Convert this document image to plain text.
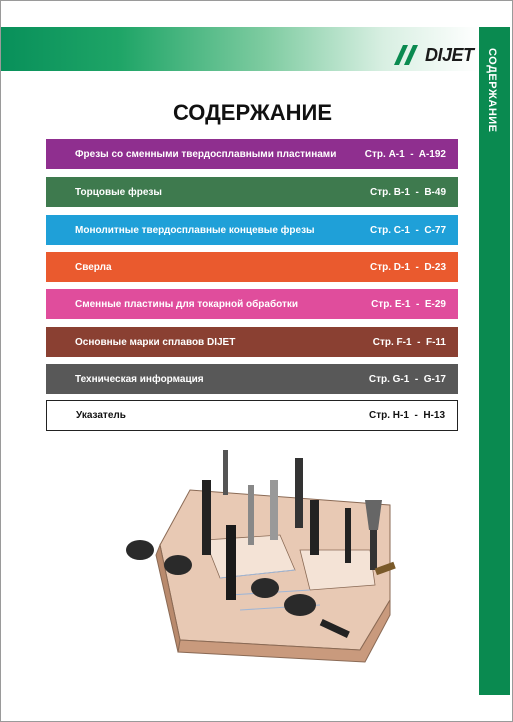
СОДЕРЖАНИЕ
DIJET
СОДЕРЖАНИЕ
Фрезы со сменными твердосплавными пластинами	Стр. A-1  -  A-192
Торцовые фрезы	Стр. B-1  -  B-49
Монолитные твердосплавные концевые фрезы	Стр. C-1  -  C-77
Сверла	Стр. D-1  -  D-23
Сменные пластины для токарной обработки	Стр. E-1  -  E-29
Основные марки сплавов DIJET	Стр. F-1  -  F-11
Техническая информация	Стр. G-1  -  G-17
Указатель	Стр. H-1  -  H-13
